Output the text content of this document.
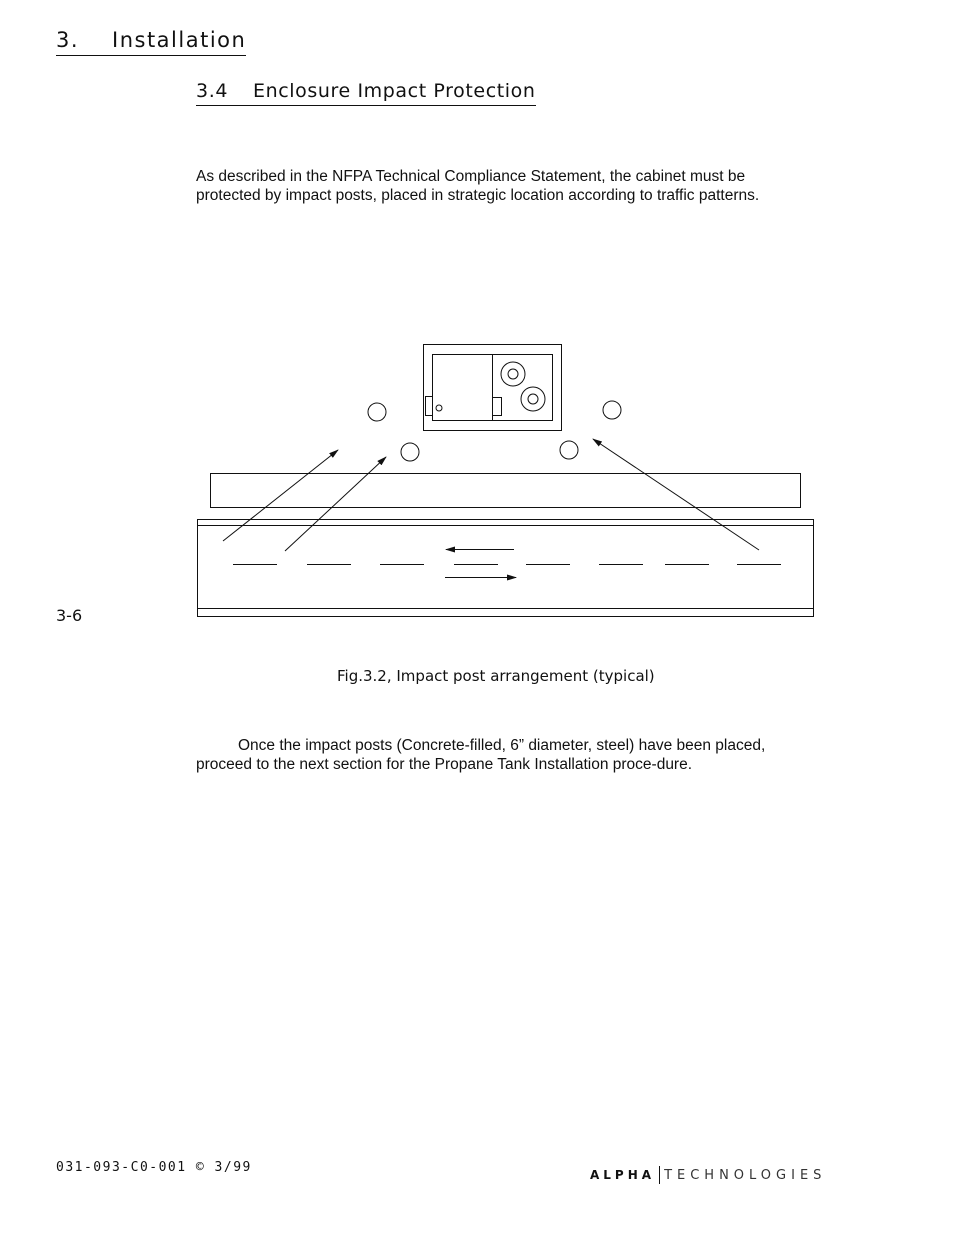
3. Installation
3.4 Enclosure Impact Protection

As described in the NFPA Technical Compliance Statement, the cabinet must be protected by impact posts, placed in strategic location according to traffic patterns.

3-6
Fig.3.2, Impact post arrangement (typical)

Once the impact posts (Concrete-filled, 6” diameter, steel) have been placed, proceed to the next section for the Propane Tank Installation proce-dure.

031-093-C0-001 © 3/99	ALPHA TECHNOLOGIES
